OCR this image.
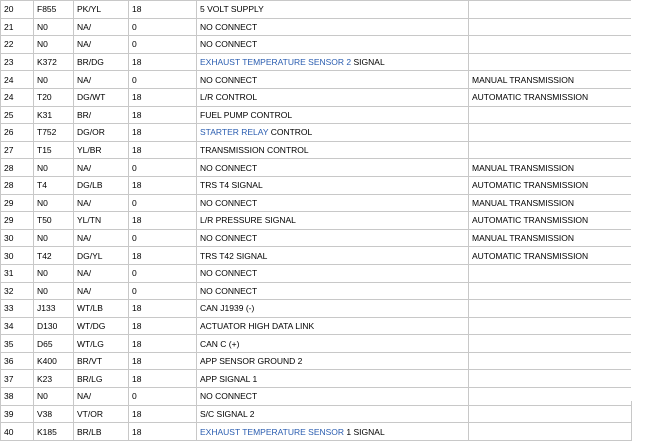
20	F855	PK/YL	18	5 VOLT SUPPLY	
21	N0	NA/	0	NO CONNECT	
22	N0	NA/	0	NO CONNECT	
23	K372	BR/DG	18	EXHAUST TEMPERATURE SENSOR 2 SIGNAL	
24	N0	NA/	0	NO CONNECT	MANUAL TRANSMISSION
24	T20	DG/WT	18	L/R CONTROL	AUTOMATIC TRANSMISSION
25	K31	BR/	18	FUEL PUMP CONTROL	
26	T752	DG/OR	18	STARTER RELAY CONTROL	
27	T15	YL/BR	18	TRANSMISSION CONTROL	
28	N0	NA/	0	NO CONNECT	MANUAL TRANSMISSION
28	T4	DG/LB	18	TRS T4 SIGNAL	AUTOMATIC TRANSMISSION
29	N0	NA/	0	NO CONNECT	MANUAL TRANSMISSION
29	T50	YL/TN	18	L/R PRESSURE SIGNAL	AUTOMATIC TRANSMISSION
30	N0	NA/	0	NO CONNECT	MANUAL TRANSMISSION
30	T42	DG/YL	18	TRS T42 SIGNAL	AUTOMATIC TRANSMISSION
31	N0	NA/	0	NO CONNECT	
32	N0	NA/	0	NO CONNECT	
33	J133	WT/LB	18	CAN J1939 (-)	
34	D130	WT/DG	18	ACTUATOR HIGH DATA LINK	
35	D65	WT/LG	18	CAN C (+)	
36	K400	BR/VT	18	APP SENSOR GROUND 2	
37	K23	BR/LG	18	APP SIGNAL 1	
38	N0	NA/	0	NO CONNECT	
39	V38	VT/OR	18	S/C SIGNAL 2	
40	K185	BR/LB	18	EXHAUST TEMPERATURE SENSOR 1 SIGNAL	
